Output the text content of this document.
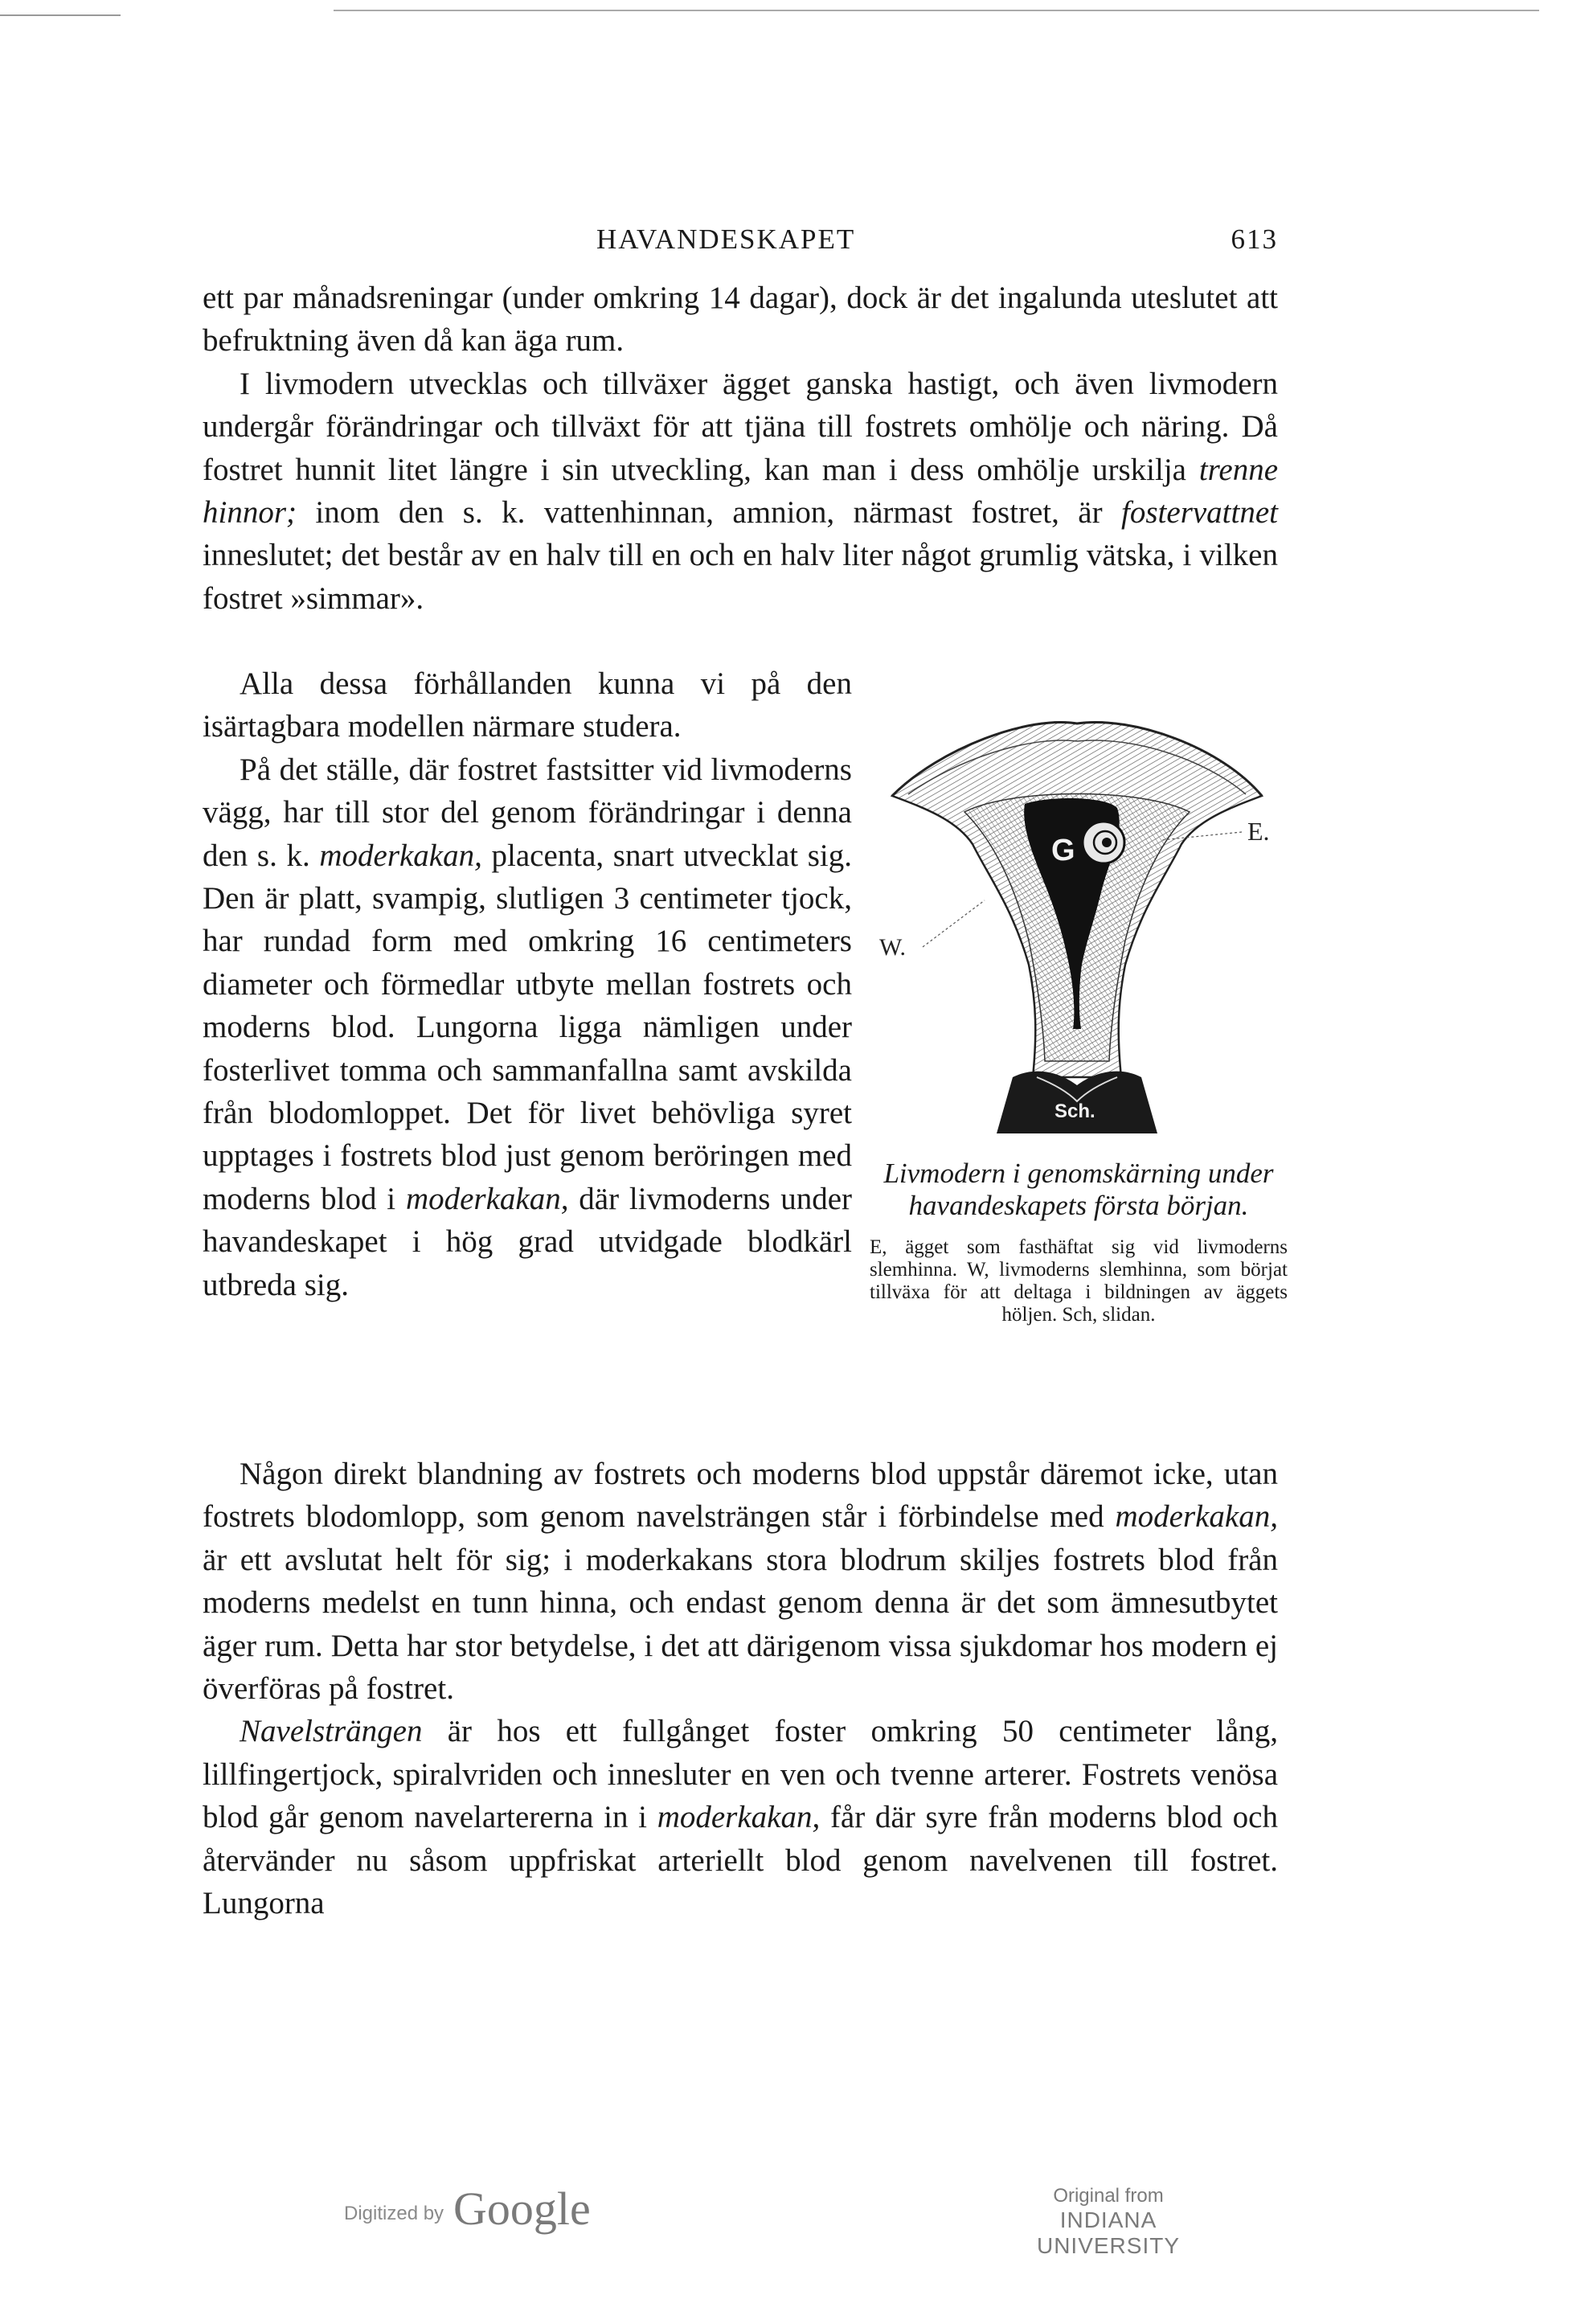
HAVANDESKAPET	613

ett par månadsreningar (under omkring 14 dagar), dock är det ingalunda uteslutet att befruktning även då kan äga rum.

I livmodern utvecklas och tillväxer ägget ganska hastigt, och även livmodern undergår förändringar och tillväxt för att tjäna till fostrets omhölje och näring. Då fostret hunnit litet längre i sin utveckling, kan man i dess omhölje urskilja trenne hinnor; inom den s. k. vattenhinnan, amnion, närmast fostret, är fostervattnet inneslutet; det består av en halv till en och en halv liter något grumlig vätska, i vilken fostret »simmar».

Alla dessa förhållanden kunna vi på den isärtagbara modellen närmare studera.

På det ställe, där fostret fastsitter vid livmoderns vägg, har till stor del genom förändringar i denna den s. k. moderkakan, placenta, snart utvecklat sig. Den är platt, svampig, slutligen 3 centimeter tjock, har rundad form med omkring 16 centimeters diameter och förmedlar utbyte mellan fostrets och moderns blod. Lungorna ligga nämligen under fosterlivet tomma och sammanfallna samt avskilda från blodomloppet. Det för livet behövliga syret upptages i fostrets blod just genom beröringen med moderns blod i moderkakan, där livmoderns under havandeskapet i hög grad utvidgade blodkärl utbreda sig.

G
E.
W.
Sch.

Livmodern i genomskärning under havandeskapets första början.

E, ägget som fasthäftat sig vid livmoderns slemhinna. W, livmoderns slemhinna, som börjat tillväxa för att deltaga i bildningen av äggets höljen. Sch, slidan.

Någon direkt blandning av fostrets och moderns blod uppstår däremot icke, utan fostrets blodomlopp, som genom navelsträngen står i förbindelse med moderkakan, är ett avslutat helt för sig; i moderkakans stora blodrum skiljes fostrets blod från moderns medelst en tunn hinna, och endast genom denna är det som ämnesutbytet äger rum. Detta har stor betydelse, i det att därigenom vissa sjukdomar hos modern ej överföras på fostret.

Navelsträngen är hos ett fullgånget foster omkring 50 centimeter lång, lillfingertjock, spiralvriden och innesluter en ven och tvenne arterer. Fostrets venösa blod går genom navelartererna in i moderkakan, får där syre från moderns blod och återvänder nu såsom uppfriskat arteriellt blod genom navelvenen till fostret. Lungorna

Digitized by Google	Original from
INDIANA UNIVERSITY
